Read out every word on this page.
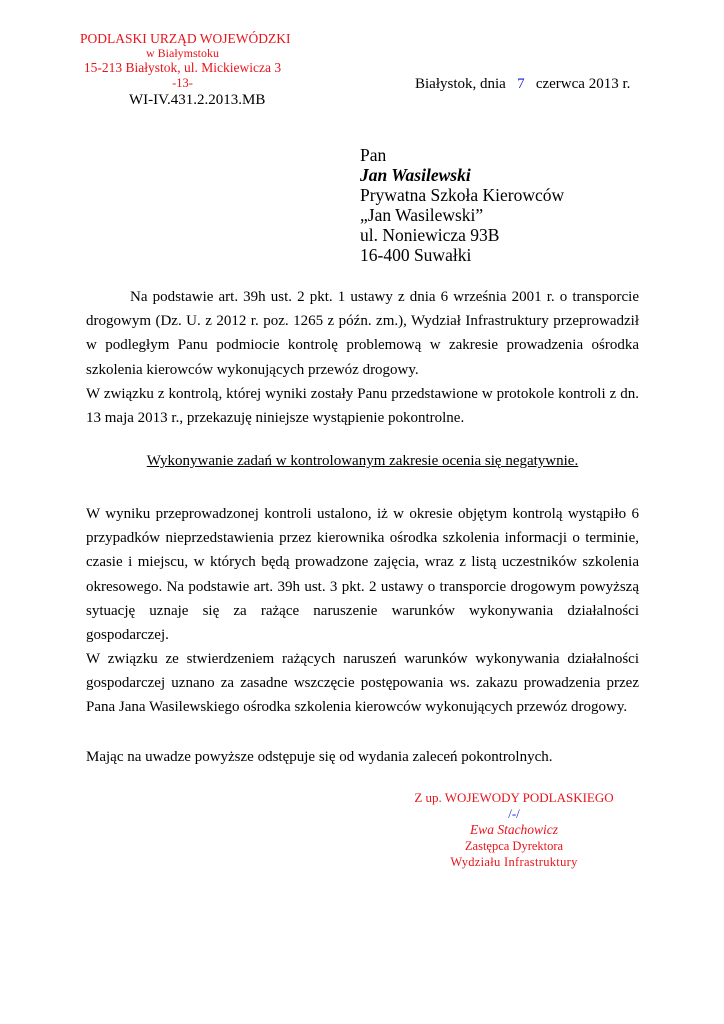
PODLASKI URZĄD WOJEWÓDZKI
w Białymstoku
15-213 Białystok, ul. Mickiewicza 3
-13-
WI-IV.431.2.2013.MB
Białystok, dnia 7 czerwca 2013 r.
Pan
Jan Wasilewski
Prywatna Szkoła Kierowców
„Jan Wasilewski”
ul. Noniewicza 93B
16-400 Suwałki
Na podstawie art. 39h ust. 2 pkt. 1 ustawy z dnia 6 września 2001 r. o transporcie drogowym (Dz. U. z 2012 r. poz. 1265 z późn. zm.), Wydział Infrastruktury przeprowadził w podległym Panu podmiocie kontrolę problemową w zakresie prowadzenia ośrodka szkolenia kierowców wykonujących przewóz drogowy.
W związku z kontrolą, której wyniki zostały Panu przedstawione w protokole kontroli z dn. 13 maja 2013 r., przekazuję niniejsze wystąpienie pokontrolne.
Wykonywanie zadań w kontrolowanym zakresie ocenia się negatywnie.
W wyniku przeprowadzonej kontroli ustalono, iż w okresie objętym kontrolą wystąpiło 6 przypadków nieprzedstawienia przez kierownika ośrodka szkolenia informacji o terminie, czasie i miejscu, w których będą prowadzone zajęcia, wraz z listą uczestników szkolenia okresowego. Na podstawie art. 39h ust. 3 pkt. 2 ustawy o transporcie drogowym powyższą sytuację uznaje się za rażące naruszenie warunków wykonywania działalności gospodarczej.
W związku ze stwierdzeniem rażących naruszeń warunków wykonywania działalności gospodarczej uznano za zasadne wszczęcie postępowania ws. zakazu prowadzenia przez Pana Jana Wasilewskiego ośrodka szkolenia kierowców wykonujących przewóz drogowy.
Mając na uwadze powyższe odstępuje się od wydania zaleceń pokontrolnych.
Z up. WOJEWODY PODLASKIEGO
/-/
Ewa Stachowicz
Zastępca Dyrektora
Wydziału Infrastruktury
